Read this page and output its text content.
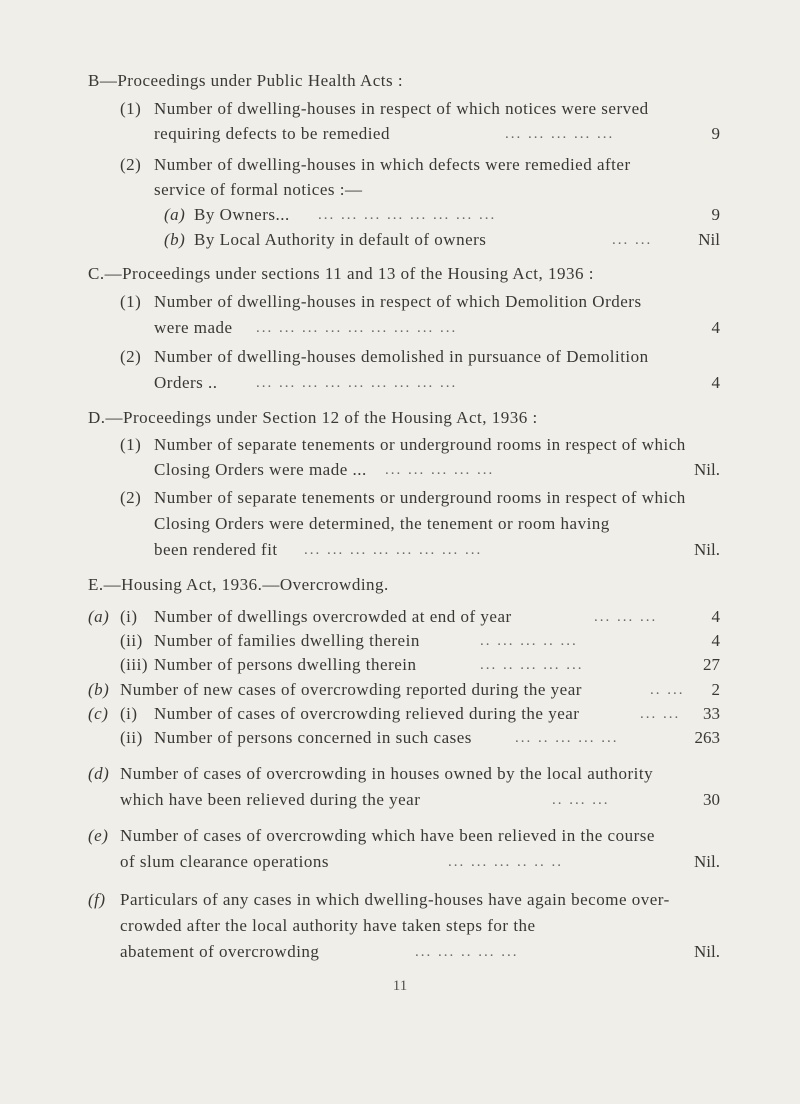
B—Proceedings under Public Health Acts :
(1) Number of dwelling-houses in respect of which notices were served
requiring defects to be remedied	... ... ... ... ...	9
(2) Number of dwelling-houses in which defects were remedied after
service of formal notices :—
(a) By Owners... ... ... ... ... ... ... ... ...	9
(b) By Local Authority in default of owners	... ...	Nil
C.—Proceedings under sections 11 and 13 of the Housing Act, 1936 :
(1) Number of dwelling-houses in respect of which Demolition Orders
were made ... ... ... ... ... ... ... ... ...	4
(2) Number of dwelling-houses demolished in pursuance of Demolition
Orders ..	... ... ... ... ... ... ... ... ...	4
D.—Proceedings under Section 12 of the Housing Act, 1936 :
(1) Number of separate tenements or underground rooms in respect of which
Closing Orders were made ... ... ... ... ... ...	Nil.
(2) Number of separate tenements or underground rooms in respect of which
Closing Orders were determined, the tenement or room having
been rendered fit ... ... ... ... ... ... ... ...	Nil.
E.—Housing Act, 1936.—Overcrowding.
(a) (i) Number of dwellings overcrowded at end of year	... ... ...	4
(ii) Number of families dwelling therein	.. ... ... .. ...	4
(iii) Number of persons dwelling therein	... .. ... ... ...	27
(b) Number of new cases of overcrowding reported during the year	.. ... 2
(c) (i) Number of cases of overcrowding relieved during the year	... ... 33
(ii) Number of persons concerned in such cases	... .. ... ... ...	263
(d) Number of cases of overcrowding in houses owned by the local authority
which have been relieved during the year	.. ... ...	30
(e) Number of cases of overcrowding which have been relieved in the course
of slum clearance operations	... ... ... .. .. ..	Nil.
(f) Particulars of any cases in which dwelling-houses have again become over-
crowded after the local authority have taken steps for the
abatement of overcrowding	... ... .. ... ...	Nil.
11
